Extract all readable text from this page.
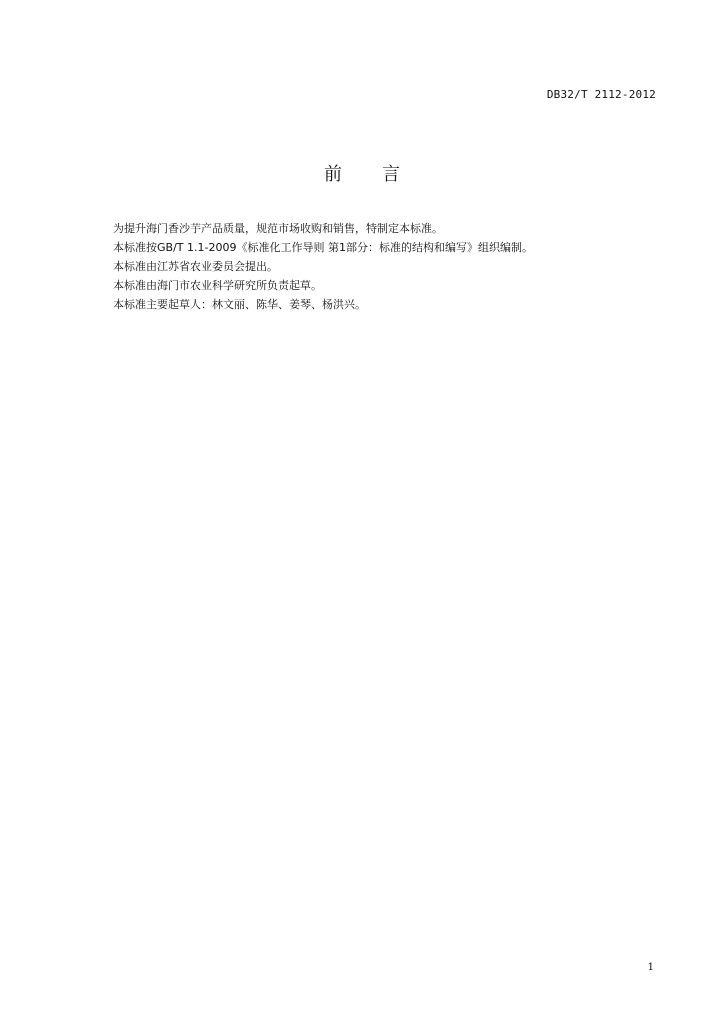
DB32/T 2112-2012
前 言

为提升海门香沙芋产品质量，规范市场收购和销售，特制定本标准。

本标准按GB/T 1.1-2009《标准化工作导则 第1部分：标准的结构和编写》组织编制。

本标准由江苏省农业委员会提出。

本标准由海门市农业科学研究所负责起草。

本标准主要起草人：林文丽、陈华、姜琴、杨洪兴。

1
